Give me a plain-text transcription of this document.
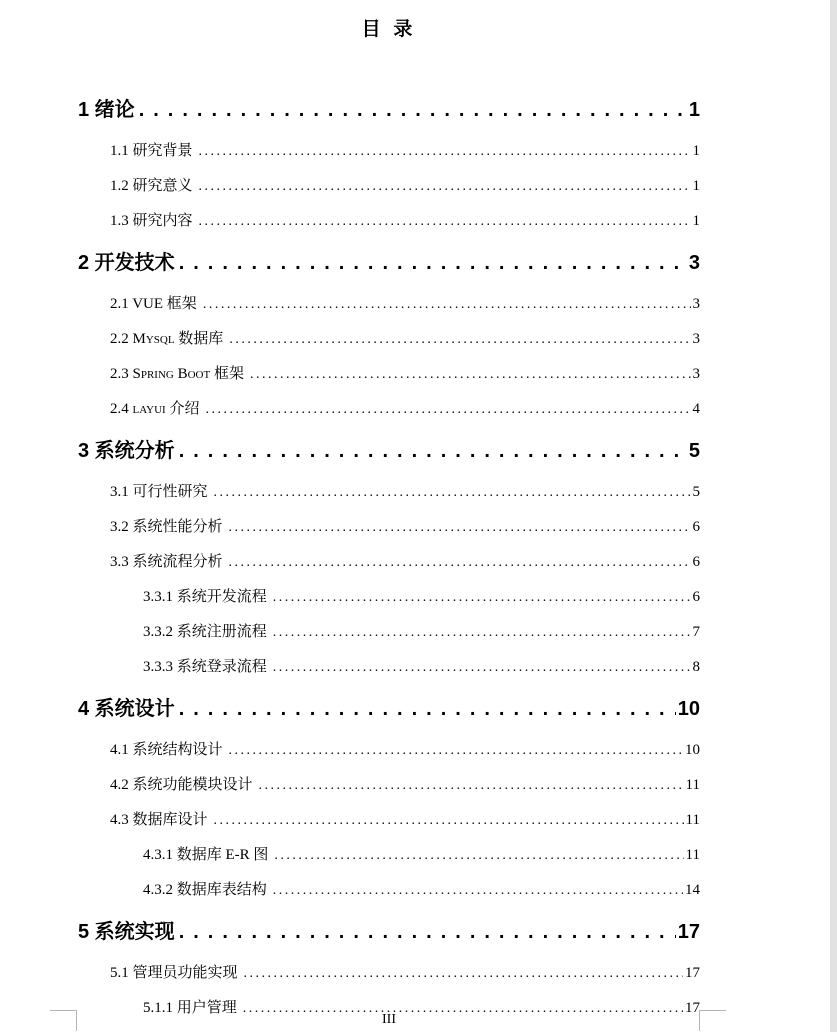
目 录
1 绪论 .....	1
1.1 研究背景 .....	1
1.2 研究意义 .....	1
1.3 研究内容 .....	1
2 开发技术 .....	3
2.1 VUE 框架 .....	3
2.2 Mysql 数据库 .....	3
2.3 Spring Boot 框架 .....	3
2.4 layui 介绍 .....	4
3 系统分析 .....	5
3.1 可行性研究 .....	5
3.2 系统性能分析 .....	6
3.3 系统流程分析 .....	6
3.3.1 系统开发流程 .....	6
3.3.2 系统注册流程 .....	7
3.3.3 系统登录流程 .....	8
4 系统设计 .....	10
4.1 系统结构设计 .....	10
4.2 系统功能模块设计 .....	11
4.3 数据库设计 .....	11
4.3.1 数据库 E-R 图 .....	11
4.3.2 数据库表结构 .....	14
5 系统实现 .....	17
5.1 管理员功能实现 .....	17
5.1.1 用户管理 .....	17
III
